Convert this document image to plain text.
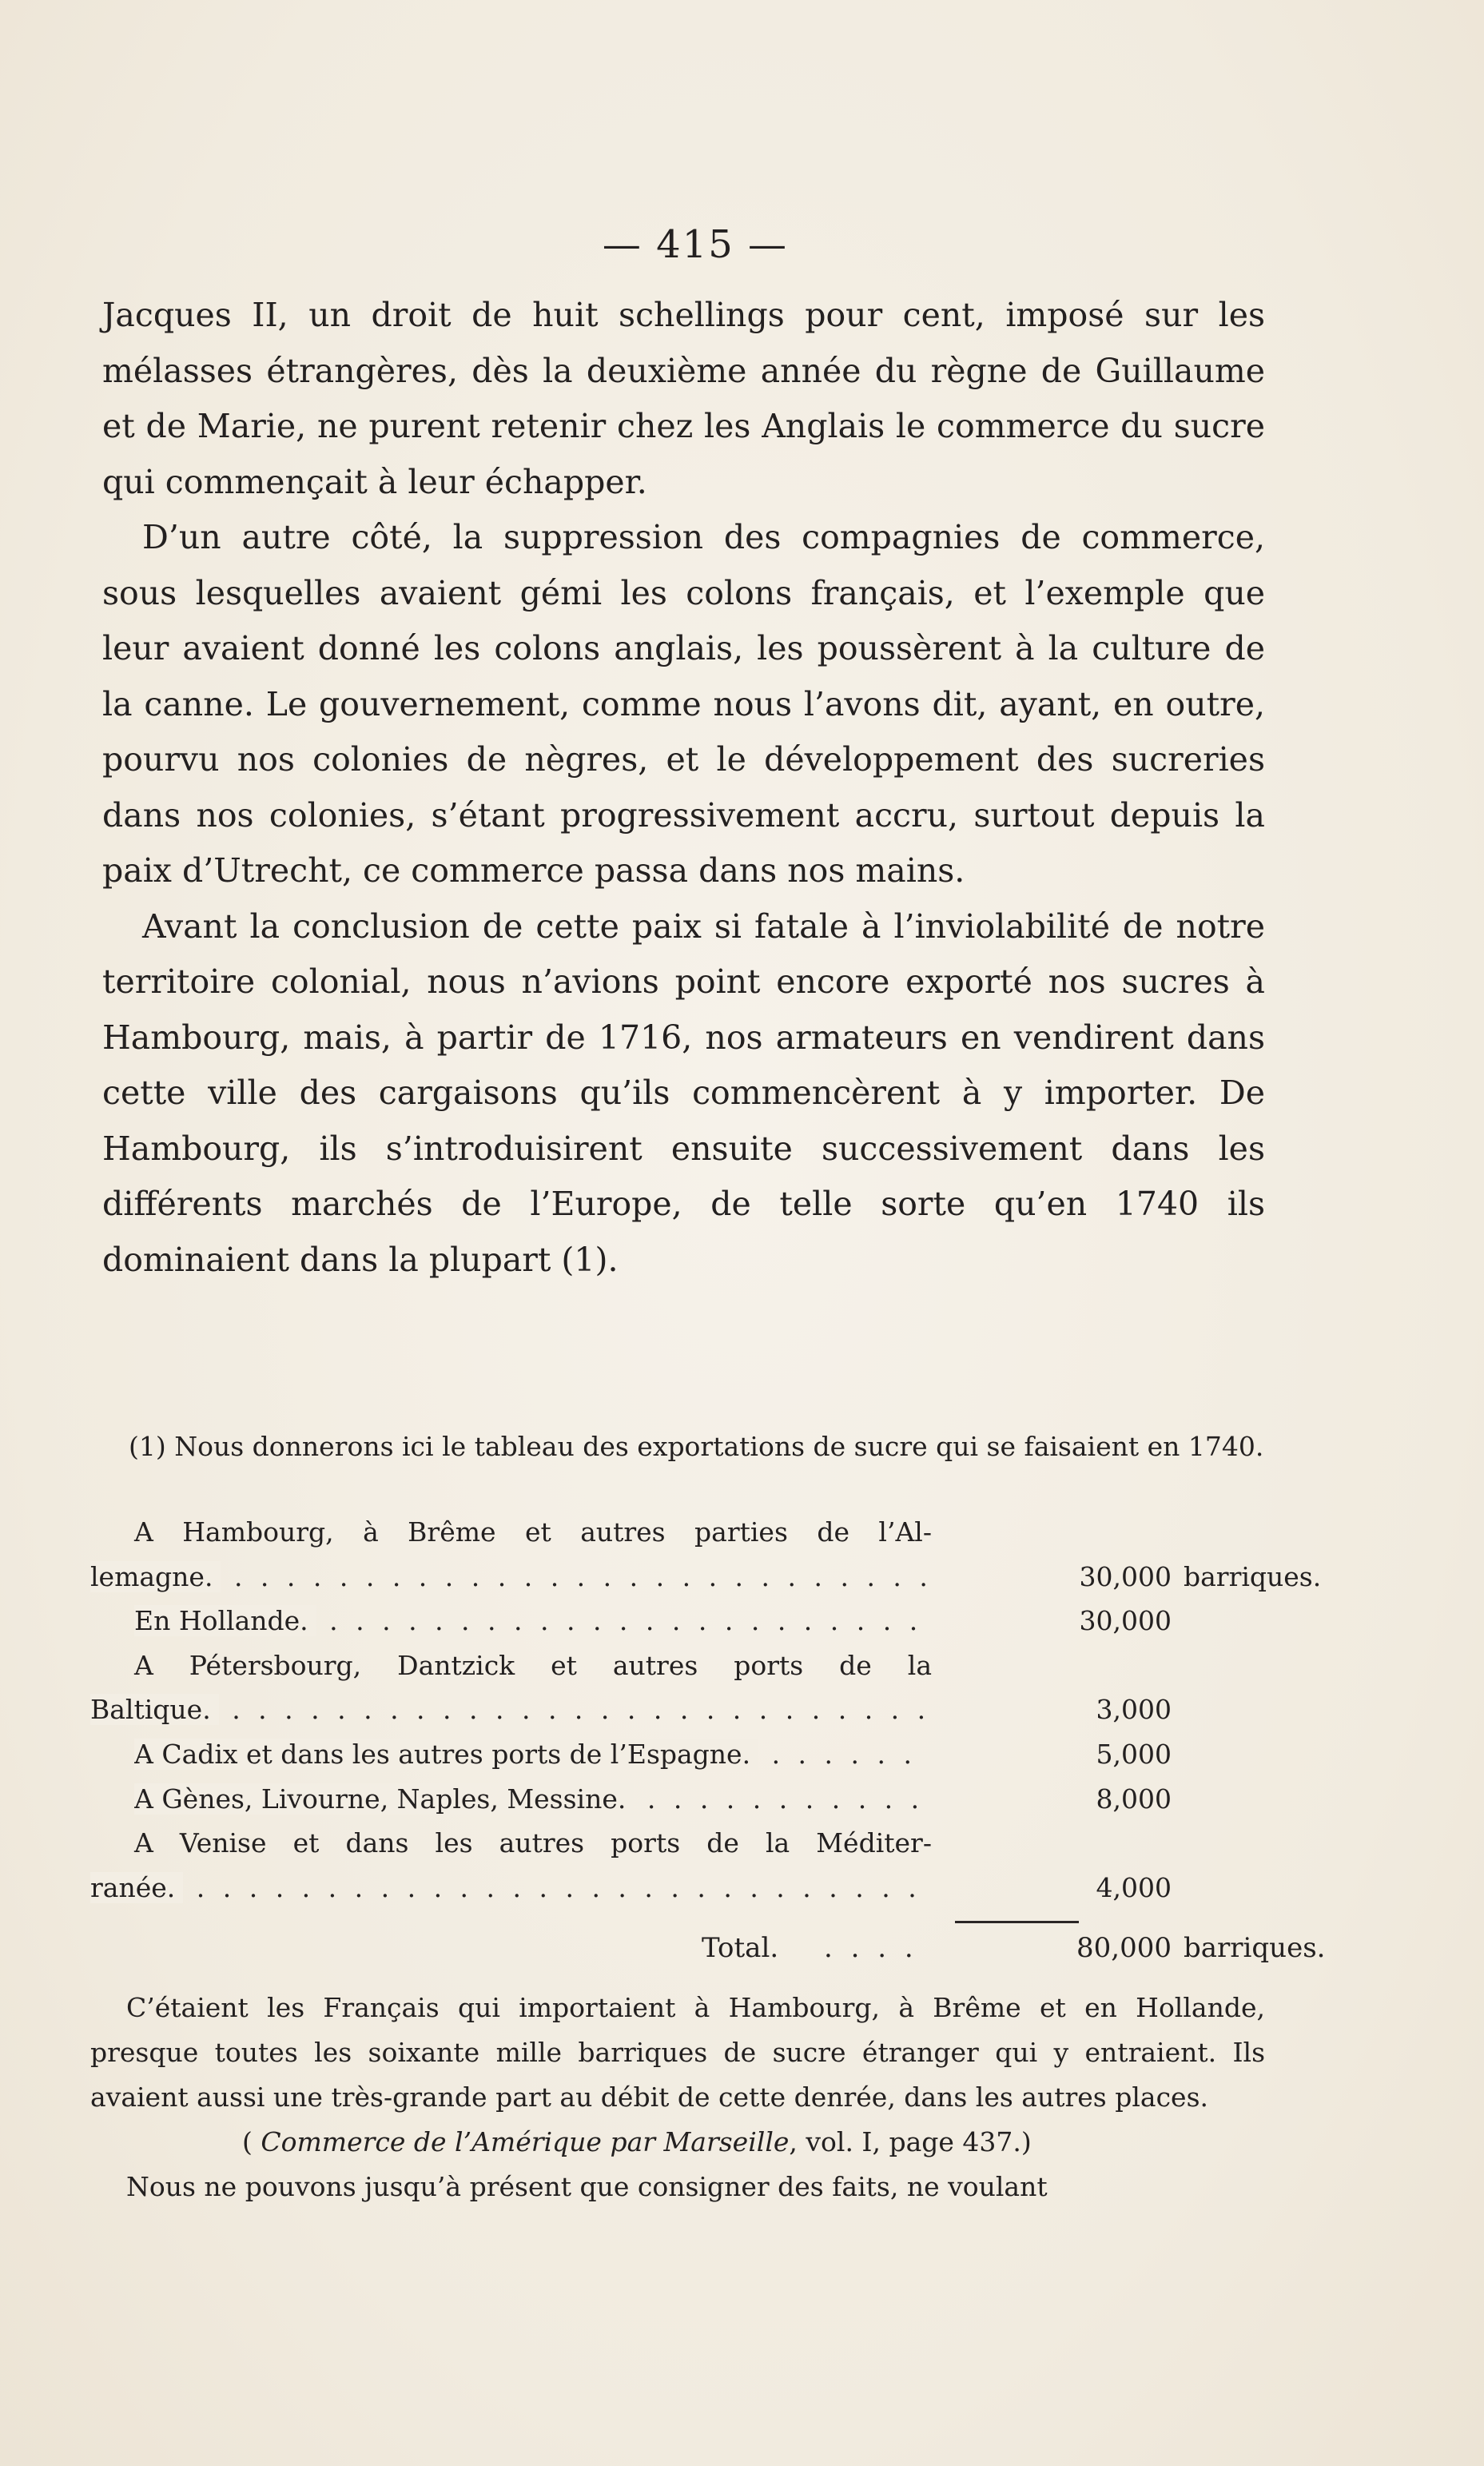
— 415 —

Jacques II, un droit de huit schellings pour cent, imposé sur les mélasses étrangères, dès la deuxième année du règne de Guillaume et de Marie, ne purent retenir chez les Anglais le commerce du sucre qui commençait à leur échapper.

D’un autre côté, la suppression des compagnies de commerce, sous lesquelles avaient gémi les colons français, et l’exemple que leur avaient donné les colons anglais, les poussèrent à la culture de la canne. Le gouvernement, comme nous l’avons dit, ayant, en outre, pourvu nos colonies de nègres, et le développement des sucreries dans nos colonies, s’étant progressivement accru, surtout depuis la paix d’Utrecht, ce commerce passa dans nos mains.

Avant la conclusion de cette paix si fatale à l’inviolabilité de notre territoire colonial, nous n’avions point encore exporté nos sucres à Hambourg, mais, à partir de 1716, nos armateurs en vendirent dans cette ville des cargaisons qu’ils commencèrent à y importer. De Hambourg, ils s’introduisirent ensuite successivement dans les différents marchés de l’Europe, de telle sorte qu’en 1740 ils dominaient dans la plupart (1).

(1) Nous donnerons ici le tableau des exportations de sucre qui se faisaient en 1740.

A Hambourg, à Brême et autres parties de l’Al-
lemagne. . . .	30,000 barriques.
En Hollande. . . .	30,000
A Pétersbourg, Dantzick et autres ports de la
Baltique. . . .	3,000
A Cadix et dans les autres ports de l’Espagne. . . .	5,000
A Gènes, Livourne, Naples, Messine. . . .	8,000
A Venise et dans les autres ports de la Méditer-
ranée. . . .	4,000
Total. . . . .	80,000 barriques.

C’étaient les Français qui importaient à Hambourg, à Brême et en Hollande, presque toutes les soixante mille barriques de sucre étranger qui y entraient. Ils avaient aussi une très-grande part au débit de cette denrée, dans les autres places.

( Commerce de l’Amérique par Marseille, vol. I, page 437.)

Nous ne pouvons jusqu’à présent que consigner des faits, ne voulant
